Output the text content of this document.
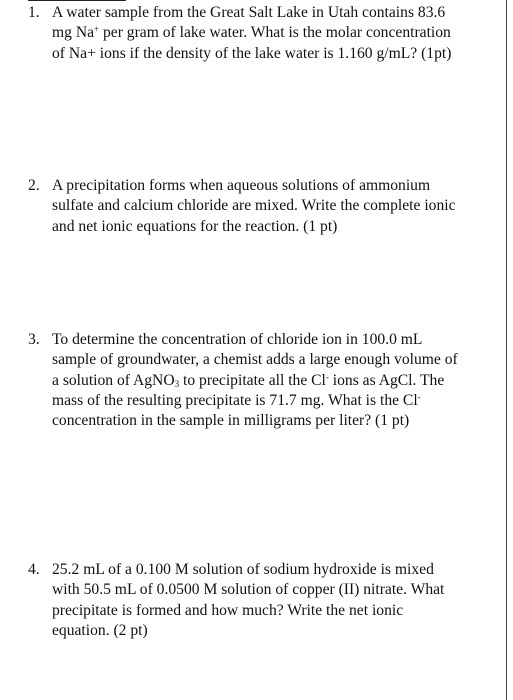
1. A water sample from the Great Salt Lake in Utah contains 83.6 mg Na+ per gram of lake water. What is the molar concentration of Na+ ions if the density of the lake water is 1.160 g/mL? (1pt)

2. A precipitation forms when aqueous solutions of ammonium sulfate and calcium chloride are mixed. Write the complete ionic and net ionic equations for the reaction. (1 pt)

3. To determine the concentration of chloride ion in 100.0 mL sample of groundwater, a chemist adds a large enough volume of a solution of AgNO$_3$ to precipitate all the Cl- ions as AgCl. The mass of the resulting precipitate is 71.7 mg. What is the Cl- concentration in the sample in milligrams per liter? (1 pt)

4. 25.2 mL of a 0.100 M solution of sodium hydroxide is mixed with 50.5 mL of 0.0500 M solution of copper (II) nitrate. What precipitate is formed and how much? Write the net ionic equation. (2 pt)
